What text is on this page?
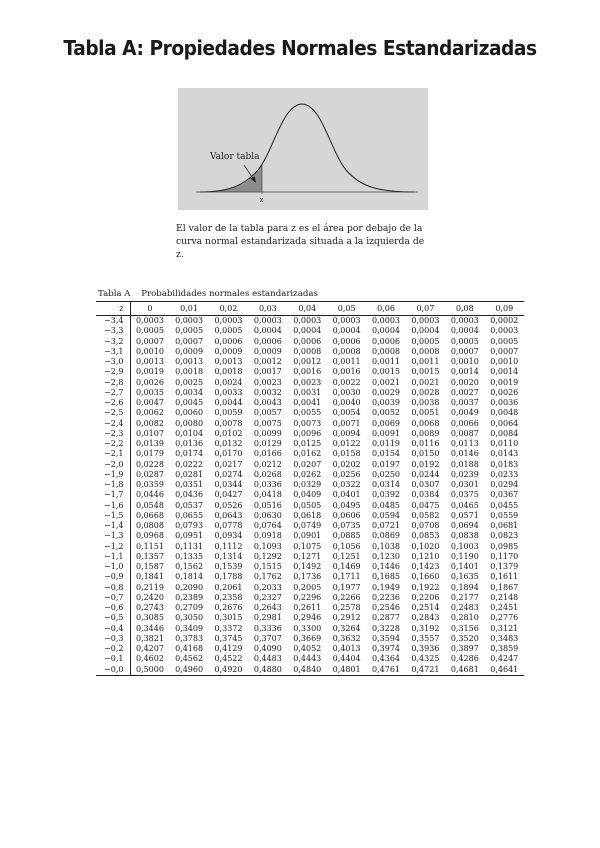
Tabla A: Propiedades Normales Estandarizadas
Valor tabla
z
El valor de la tabla para z es el área por debajo de la curva normal estandarizada situada a la izquierda de z.
Tabla A Probabilidades normales estandarizadas
z	0	0,01	0,02	0,03	0,04	0,05	0,06	0,07	0,08	0,09
−3,4	0,0003	0,0003	0,0003	0,0003	0,0003	0,0003	0,0003	0,0003	0,0003	0,0002
−3,3	0,0005	0,0005	0,0005	0,0004	0,0004	0,0004	0,0004	0,0004	0,0004	0,0003
−3,2	0,0007	0,0007	0,0006	0,0006	0,0006	0,0006	0,0006	0,0005	0,0005	0,0005
−3,1	0,0010	0,0009	0,0009	0,0009	0,0008	0,0008	0,0008	0,0008	0,0007	0,0007
−3,0	0,0013	0,0013	0,0013	0,0012	0,0012	0,0011	0,0011	0,0011	0,0010	0,0010
−2,9	0,0019	0,0018	0,0018	0,0017	0,0016	0,0016	0,0015	0,0015	0,0014	0,0014
−2,8	0,0026	0,0025	0,0024	0,0023	0,0023	0,0022	0,0021	0,0021	0,0020	0,0019
−2,7	0,0035	0,0034	0,0033	0,0032	0,0031	0,0030	0,0029	0,0028	0,0027	0,0026
−2,6	0,0047	0,0045	0,0044	0,0043	0,0041	0,0040	0,0039	0,0038	0,0037	0,0036
−2,5	0,0062	0,0060	0,0059	0,0057	0,0055	0,0054	0,0052	0,0051	0,0049	0,0048
−2,4	0,0082	0,0080	0,0078	0,0075	0,0073	0,0071	0,0069	0,0068	0,0066	0,0064
−2,3	0,0107	0,0104	0,0102	0,0099	0,0096	0,0094	0,0091	0,0089	0,0087	0,0084
−2,2	0,0139	0,0136	0,0132	0,0129	0,0125	0,0122	0,0119	0,0116	0,0113	0,0110
−2,1	0,0179	0,0174	0,0170	0,0166	0,0162	0,0158	0,0154	0,0150	0,0146	0,0143
−2,0	0,0228	0,0222	0,0217	0,0212	0,0207	0,0202	0,0197	0,0192	0,0188	0,0183
−1,9	0,0287	0,0281	0,0274	0,0268	0,0262	0,0256	0,0250	0,0244	0,0239	0,0233
−1,8	0,0359	0,0351	0,0344	0,0336	0,0329	0,0322	0,0314	0,0307	0,0301	0,0294
−1,7	0,0446	0,0436	0,0427	0,0418	0,0409	0,0401	0,0392	0,0384	0,0375	0,0367
−1,6	0,0548	0,0537	0,0526	0,0516	0,0505	0,0495	0,0485	0,0475	0,0465	0,0455
−1,5	0,0668	0,0655	0,0643	0,0630	0,0618	0,0606	0,0594	0,0582	0,0571	0,0559
−1,4	0,0808	0,0793	0,0778	0,0764	0,0749	0,0735	0,0721	0,0708	0,0694	0,0681
−1,3	0,0968	0,0951	0,0934	0,0918	0,0901	0,0885	0,0869	0,0853	0,0838	0,0823
−1,2	0,1151	0,1131	0,1112	0,1093	0,1075	0,1056	0,1038	0,1020	0,1003	0,0985
−1,1	0,1357	0,1335	0,1314	0,1292	0,1271	0,1251	0,1230	0,1210	0,1190	0,1170
−1,0	0,1587	0,1562	0,1539	0,1515	0,1492	0,1469	0,1446	0,1423	0,1401	0,1379
−0,9	0,1841	0,1814	0,1788	0,1762	0,1736	0,1711	0,1685	0,1660	0,1635	0,1611
−0,8	0,2119	0,2090	0,2061	0,2033	0,2005	0,1977	0,1949	0,1922	0,1894	0,1867
−0,7	0,2420	0,2389	0,2358	0,2327	0,2296	0,2266	0,2236	0,2206	0,2177	0,2148
−0,6	0,2743	0,2709	0,2676	0,2643	0,2611	0,2578	0,2546	0,2514	0,2483	0,2451
−0,5	0,3085	0,3050	0,3015	0,2981	0,2946	0,2912	0,2877	0,2843	0,2810	0,2776
−0,4	0,3446	0,3409	0,3372	0,3336	0,3300	0,3264	0,3228	0,3192	0,3156	0,3121
−0,3	0,3821	0,3783	0,3745	0,3707	0,3669	0,3632	0,3594	0,3557	0,3520	0,3483
−0,2	0,4207	0,4168	0,4129	0,4090	0,4052	0,4013	0,3974	0,3936	0,3897	0,3859
−0,1	0,4602	0,4562	0,4522	0,4483	0,4443	0,4404	0,4364	0,4325	0,4286	0,4247
−0,0	0,5000	0,4960	0,4920	0,4880	0,4840	0,4801	0,4761	0,4721	0,4681	0,4641
